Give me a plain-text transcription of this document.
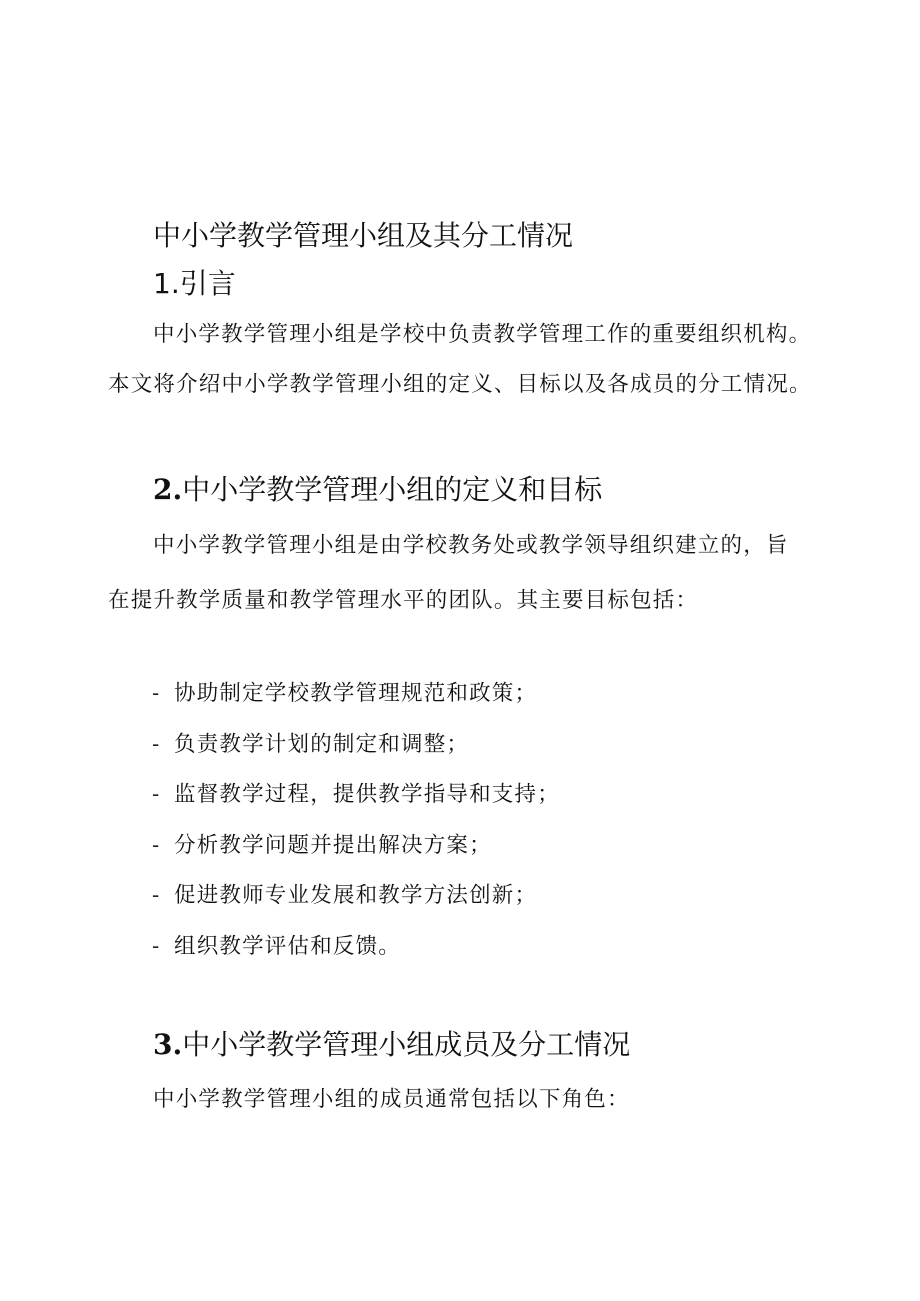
中小学教学管理小组及其分工情况
1.引言

中小学教学管理小组是学校中负责教学管理工作的重要组织机构。

本文将介绍中小学教学管理小组的定义、目标以及各成员的分工情况。

2.中小学教学管理小组的定义和目标

中小学教学管理小组是由学校教务处或教学领导组织建立的，旨

在提升教学质量和教学管理水平的团队。其主要目标包括：

- 协助制定学校教学管理规范和政策；
- 负责教学计划的制定和调整；
- 监督教学过程，提供教学指导和支持；
- 分析教学问题并提出解决方案；
- 促进教师专业发展和教学方法创新；
- 组织教学评估和反馈。
3.中小学教学管理小组成员及分工情况

中小学教学管理小组的成员通常包括以下角色：
